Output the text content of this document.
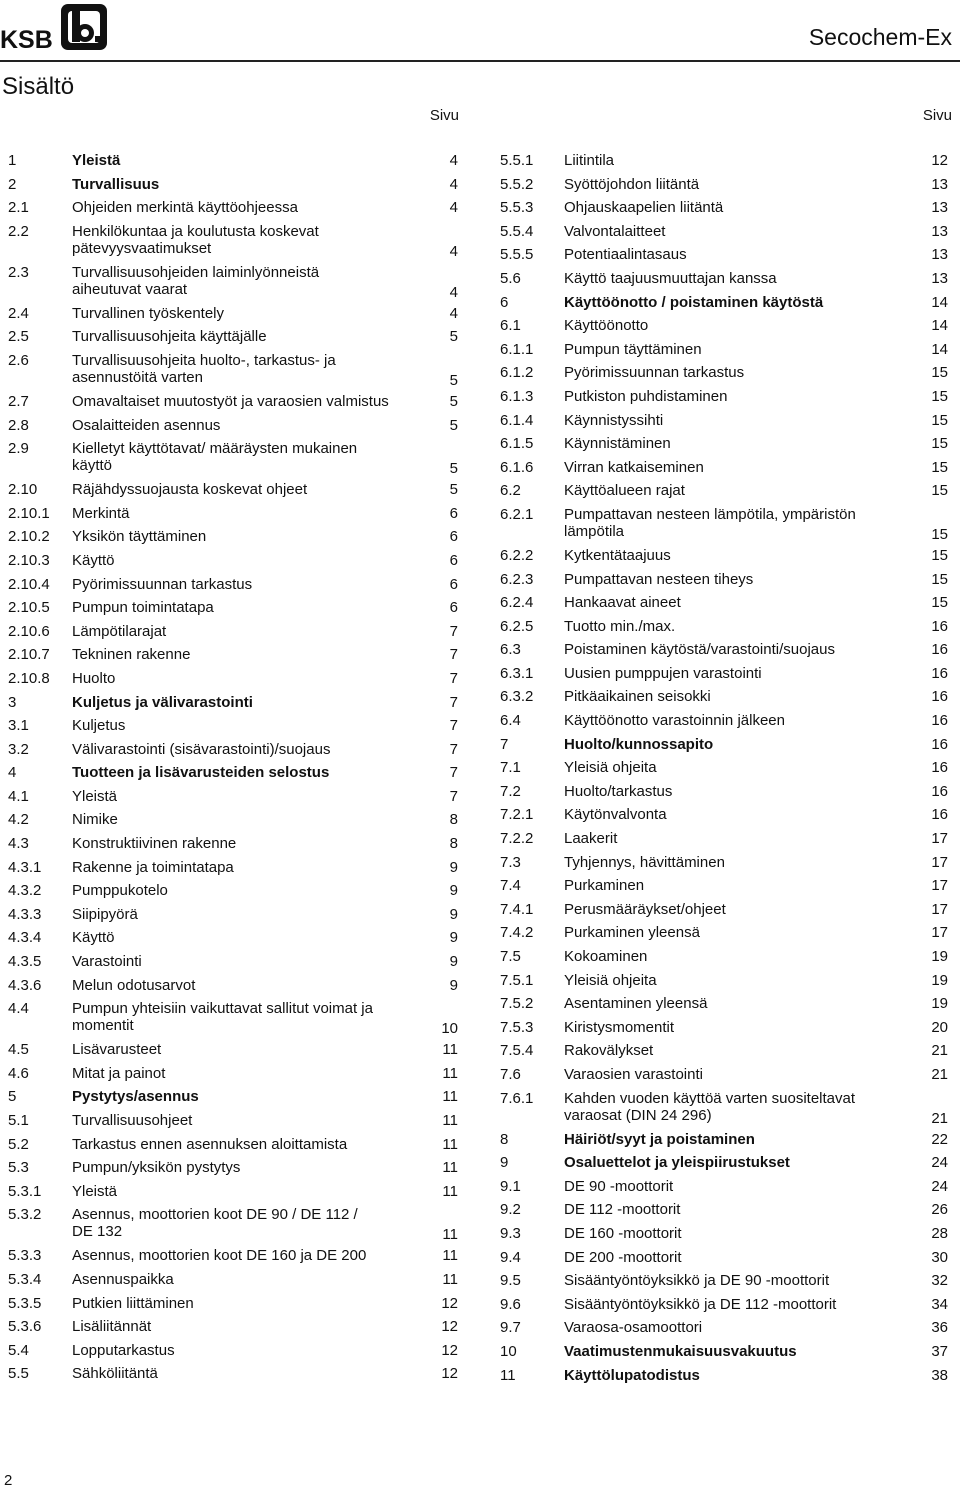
KSB	Secochem-Ex
Sisältö
Sivu	Sivu
1	Yleistä	4
2	Turvallisuus	4
2.1	Ohjeiden merkintä käyttöohjeessa	4
2.2	Henkilökuntaa ja koulutusta koskevat pätevyysvaatimukset	4
2.3	Turvallisuusohjeiden laiminlyönneistä aiheutuvat vaarat	4
2.4	Turvallinen työskentely	4
2.5	Turvallisuusohjeita käyttäjälle	5
2.6	Turvallisuusohjeita huolto-, tarkastus- ja asennustöitä varten	5
2.7	Omavaltaiset muutostyöt ja varaosien valmistus	5
2.8	Osalaitteiden asennus	5
2.9	Kielletyt käyttötavat/ määräysten mukainen käyttö	5
2.10 Räjähdyssuojausta koskevat ohjeet	5
2.10.1 Merkintä	6
2.10.2 Yksikön täyttäminen	6
2.10.3 Käyttö	6
2.10.4 Pyörimissuunnan tarkastus	6
2.10.5 Pumpun toimintatapa	6
2.10.6 Lämpötilarajat	7
2.10.7 Tekninen rakenne	7
2.10.8 Huolto	7
3	Kuljetus ja välivarastointi	7
3.1	Kuljetus	7
3.2	Välivarastointi (sisävarastointi)/suojaus	7
4	Tuotteen ja lisävarusteiden selostus	7
4.1	Yleistä	7
4.2	Nimike	8
4.3	Konstruktiivinen rakenne	8
4.3.1 Rakenne ja toimintatapa	9
4.3.2 Pumppukotelo	9
4.3.3 Siipipyörä	9
4.3.4 Käyttö	9
4.3.5 Varastointi	9
4.3.6 Melun odotusarvot	9
4.4	Pumpun yhteisiin vaikuttavat sallitut voimat ja momentit	10
4.5	Lisävarusteet	11
4.6	Mitat ja painot	11
5	Pystytys/asennus	11
5.1	Turvallisuusohjeet	11
5.2	Tarkastus ennen asennuksen aloittamista	11
5.3	Pumpun/yksikön pystytys	11
5.3.1 Yleistä	11
5.3.2 Asennus, moottorien koot DE 90 / DE 112 / DE 132	11
5.3.3 Asennus, moottorien koot DE 160 ja DE 200	11
5.3.4 Asennuspaikka	11
5.3.5 Putkien liittäminen	12
5.3.6 Lisäliitännät	12
5.4	Lopputarkastus	12
5.5	Sähköliitäntä	12
5.5.1 Liitintila	12
5.5.2 Syöttöjohdon liitäntä	13
5.5.3 Ohjauskaapelien liitäntä	13
5.5.4 Valvontalaitteet	13
5.5.5 Potentiaalintasaus	13
5.6	Käyttö taajuusmuuttajan kanssa	13
6	Käyttöönotto / poistaminen käytöstä	14
6.1	Käyttöönotto	14
6.1.1 Pumpun täyttäminen	14
6.1.2 Pyörimissuunnan tarkastus	15
6.1.3 Putkiston puhdistaminen	15
6.1.4 Käynnistyssihti	15
6.1.5 Käynnistäminen	15
6.1.6 Virran katkaiseminen	15
6.2	Käyttöalueen rajat	15
6.2.1 Pumpattavan nesteen lämpötila, ympäristön lämpötila	15
6.2.2 Kytkentätaajuus	15
6.2.3 Pumpattavan nesteen tiheys	15
6.2.4 Hankaavat aineet	15
6.2.5 Tuotto min./max.	16
6.3	Poistaminen käytöstä/varastointi/suojaus	16
6.3.1 Uusien pumppujen varastointi	16
6.3.2 Pitkäaikainen seisokki	16
6.4	Käyttöönotto varastoinnin jälkeen	16
7	Huolto/kunnossapito	16
7.1	Yleisiä ohjeita	16
7.2	Huolto/tarkastus	16
7.2.1 Käytönvalvonta	16
7.2.2 Laakerit	17
7.3	Tyhjennys, hävittäminen	17
7.4	Purkaminen	17
7.4.1 Perusmääräykset/ohjeet	17
7.4.2 Purkaminen yleensä	17
7.5	Kokoaminen	19
7.5.1 Yleisiä ohjeita	19
7.5.2 Asentaminen yleensä	19
7.5.3 Kiristysmomentit	20
7.5.4 Rakovälykset	21
7.6	Varaosien varastointi	21
7.6.1 Kahden vuoden käyttöä varten suositeltavat varaosat (DIN 24 296)	21
8	Häiriöt/syyt ja poistaminen	22
9	Osaluettelot ja yleispiirustukset	24
9.1	DE 90 -moottorit	24
9.2	DE 112 -moottorit	26
9.3	DE 160 -moottorit	28
9.4	DE 200 -moottorit	30
9.5	Sisääntyöntöyksikkö ja DE 90 -moottorit	32
9.6	Sisääntyöntöyksikkö ja DE 112 -moottorit	34
9.7	Varaosa-osamoottori	36
10	Vaatimustenmukaisuusvakuutus	37
11	Käyttölupatodistus	38
2
